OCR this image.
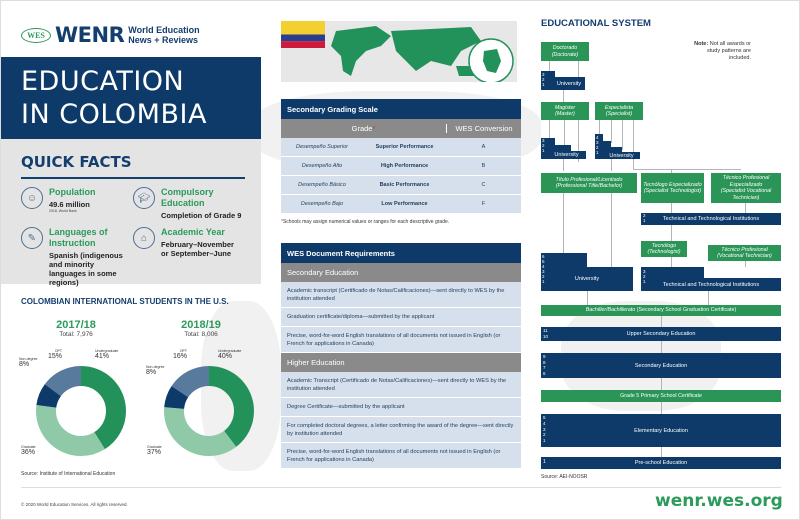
WES WENR World Education
News + Reviews
EDUCATION
IN COLOMBIA
QUICK FACTS
☺
Population
49.6 million
2018, World Bank
🎓︎
Compulsory Education
Completion of Grade 9
✎
Languages of Instruction
Spanish (indigenous and minority languages in some regions)
⌂
Academic Year
February–November or September–June
COLOMBIAN INTERNATIONAL STUDENTS IN THE U.S.
2017/18
Total: 7,976
2018/19
Total: 8,006
Undergraduate
41%
OPT
15%
Non-degree
8%
Graduate
36%
Undergraduate
40%
OPT
16%
Non-degree
8%
Graduate
37%
Source: Institute of International Education
Secondary Grading Scale
Grade*	WES Conversion
Desempeño Superior	Superior Performance	A
Desempeño Alto	High Performance	B
Desempeño Básico	Basic Performance	C
Desempeño Bajo	Low Performance	F
*Schools may assign numerical values or ranges for each descriptive grade.
WES Document Requirements
Secondary Education
Academic transcript (Certificado de Notas/Calificaciones)—sent directly to WES by the institution attended
Graduation certificate/diploma—submitted by the applicant
Precise, word-for-word English translations of all documents not issued in English (or French for applications in Canada)
Higher Education
Academic Transcript (Certificado de Notas/Calificaciones)—sent directly to WES by the institution attended
Degree Certificate—submitted by the applicant
For completed doctoral degrees, a letter confirming the award of the degree—sent directly by institution attended
Precise, word-for-word English translations of all documents not issued in English (or French for applications in Canada)
EDUCATIONAL SYSTEM
Note: Not all awards or study patterns are included.
Doctorado
(Doctorate)
University
3
2
1
Magister
(Master)
Especialista
(Specialist)
University
3
2
1
University
4
3
2
1
Título Profesional/Licentiado
(Professional Title/Bachelor)	Tecnólogo Especializado
(Specialist Technologist)
Técnico Profesional Especializado
(Specialist Vocational Technician)
Technical and Technological Institutions
2
1
Tecnólogo
(Technologist)	Técnico Profesional
(Vocational Technician)
University
6
5
4
3
2
1	Technical and Technological Institutions
3
2
1
Bachiller/Bachillerato
(Secondary School Graduation Certificate)
Upper Secondary Education
11
10
Secondary Education
9
8
7
6
Grade 5 Primary School Certificate
Elementary Education
5
4
3
2
1
Pre-school Education
1
Source: AEI-NOOSR
© 2020 World Education Services. All rights reserved.	wenr.wes.org
